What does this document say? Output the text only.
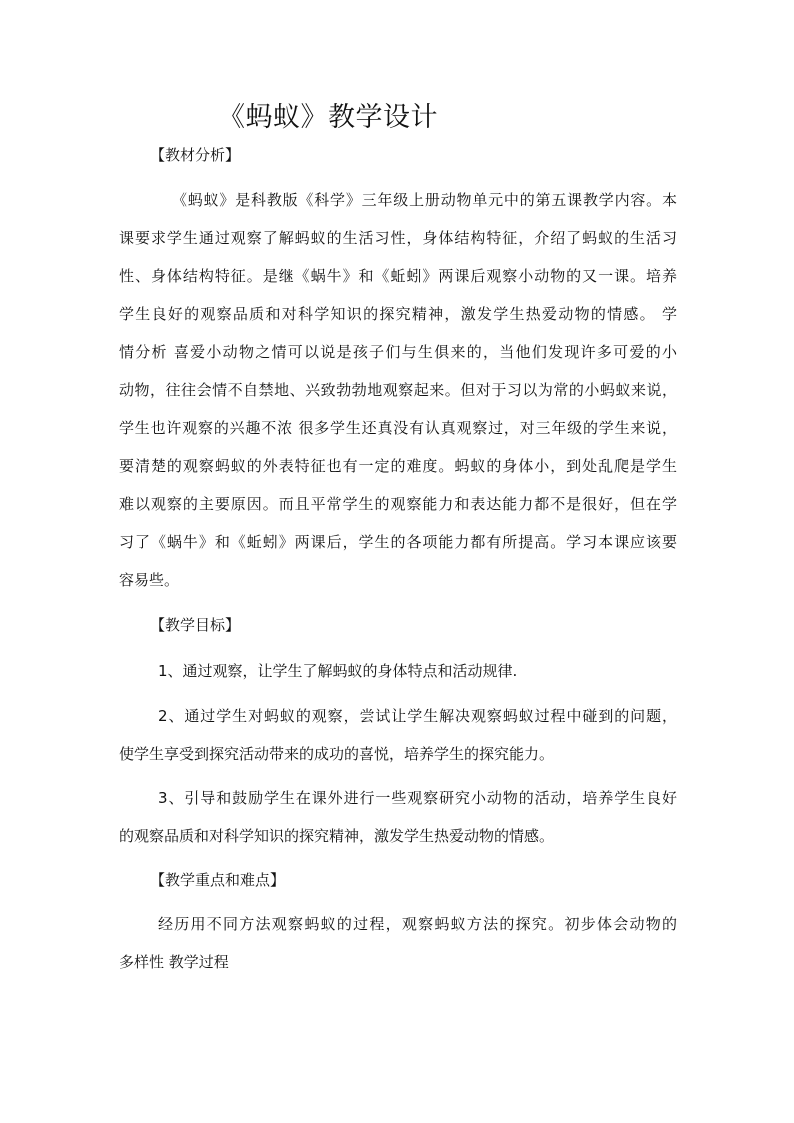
《蚂蚁》教学设计
【教材分析】
《蚂蚁》是科教版《科学》三年级上册动物单元中的第五课教学内容。本
课要求学生通过观察了解蚂蚁的生活习性，身体结构特征，介绍了蚂蚁的生活习
性、身体结构特征。是继《蜗牛》和《蚯蚓》两课后观察小动物的又一课。培养
学生良好的观察品质和对科学知识的探究精神，激发学生热爱动物的情感。 学
情分析 喜爱小动物之情可以说是孩子们与生俱来的，当他们发现许多可爱的小
动物，往往会情不自禁地、兴致勃勃地观察起来。但对于习以为常的小蚂蚁来说，
学生也许观察的兴趣不浓 很多学生还真没有认真观察过，对三年级的学生来说，
要清楚的观察蚂蚁的外表特征也有一定的难度。蚂蚁的身体小，到处乱爬是学生
难以观察的主要原因。而且平常学生的观察能力和表达能力都不是很好，但在学
习了《蜗牛》和《蚯蚓》两课后，学生的各项能力都有所提高。学习本课应该要
容易些。
【教学目标】
1、通过观察，让学生了解蚂蚁的身体特点和活动规律.
2、通过学生对蚂蚁的观察，尝试让学生解决观察蚂蚁过程中碰到的问题，
使学生享受到探究活动带来的成功的喜悦，培养学生的探究能力。
3、引导和鼓励学生在课外进行一些观察研究小动物的活动，培养学生良好
的观察品质和对科学知识的探究精神，激发学生热爱动物的情感。
【教学重点和难点】
经历用不同方法观察蚂蚁的过程，观察蚂蚁方法的探究。初步体会动物的
多样性 教学过程
